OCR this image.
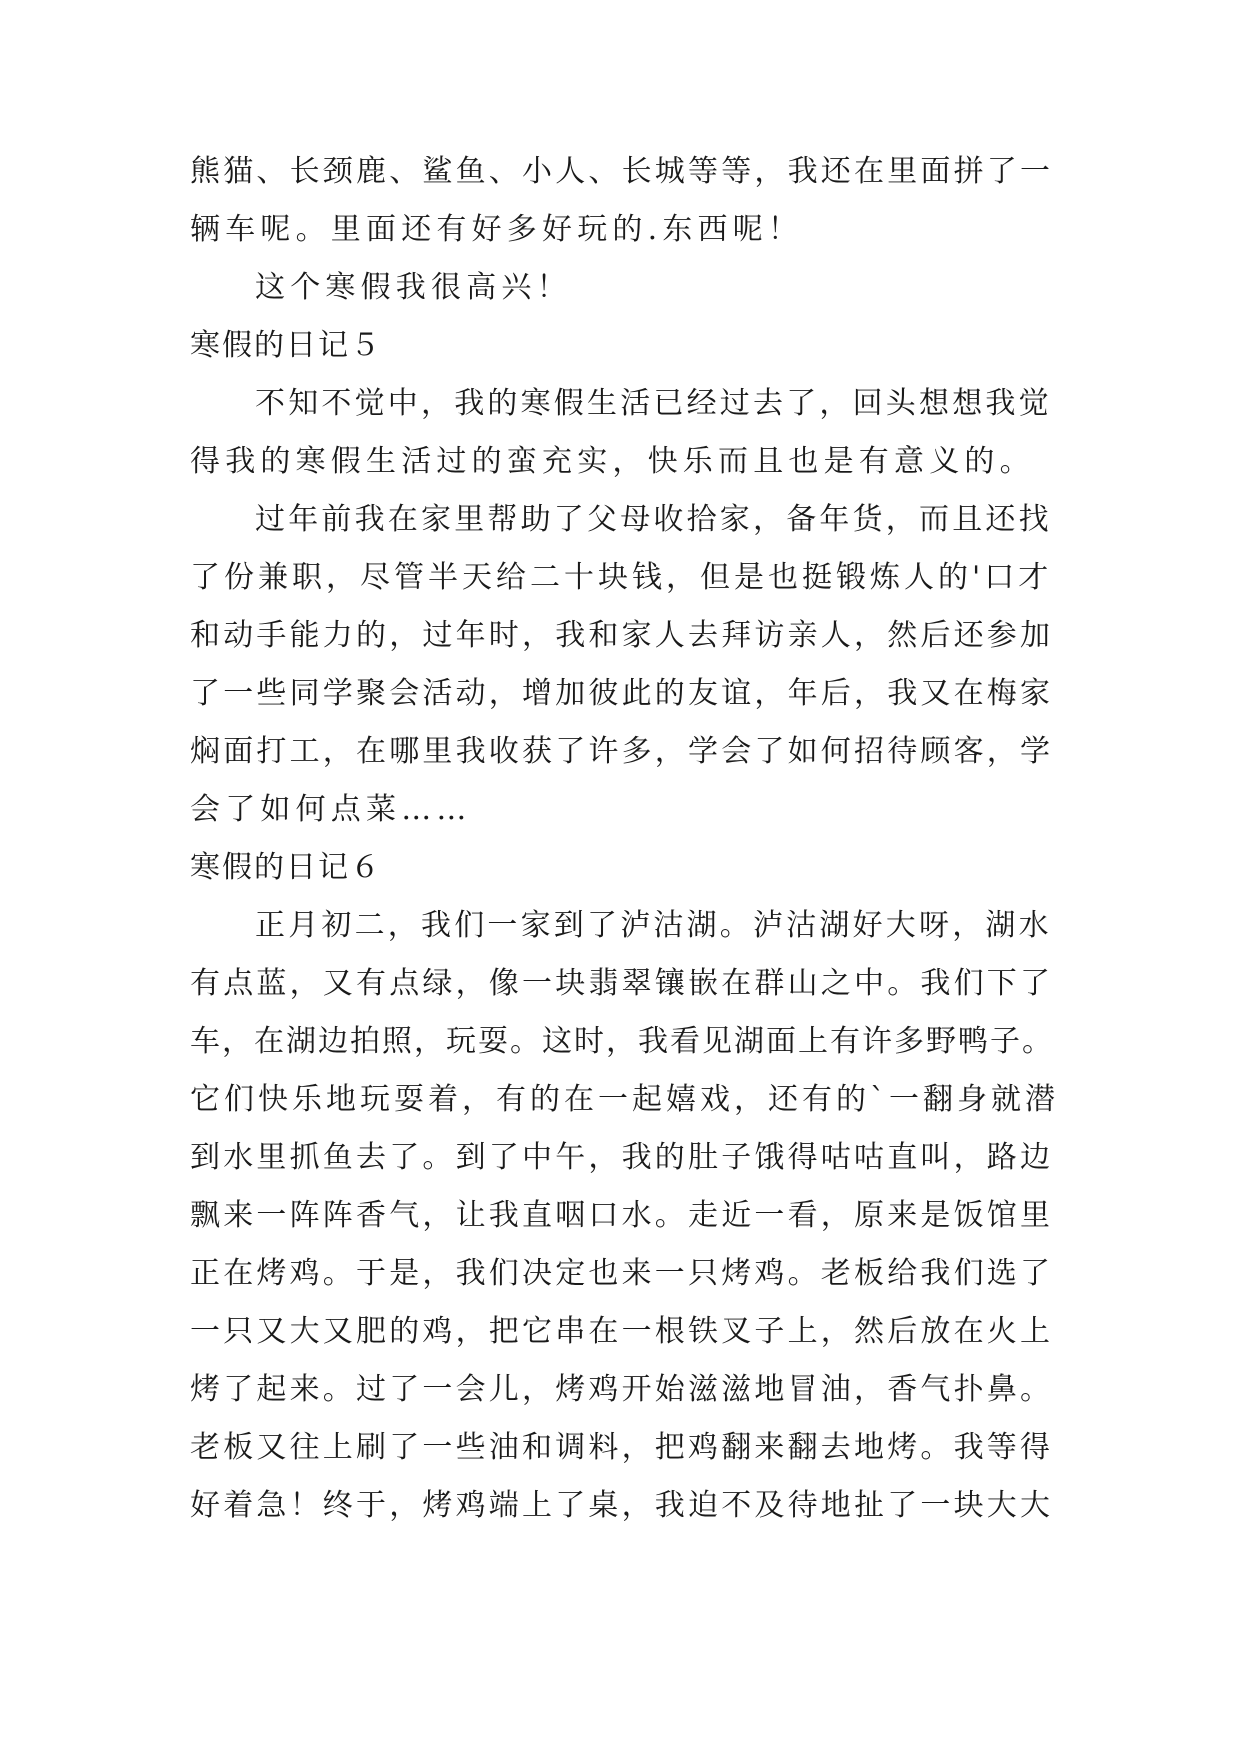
熊猫、长颈鹿、鲨鱼、小人、长城等等，我还在里面拼了一
辆车呢。里面还有好多好玩的.东西呢！
这个寒假我很高兴！
寒假的日记５
不知不觉中，我的寒假生活已经过去了，回头想想我觉
得我的寒假生活过的蛮充实，快乐而且也是有意义的。
过年前我在家里帮助了父母收拾家，备年货，而且还找
了份兼职，尽管半天给二十块钱，但是也挺锻炼人的'口才
和动手能力的，过年时，我和家人去拜访亲人，然后还参加
了一些同学聚会活动，增加彼此的友谊，年后，我又在梅家
焖面打工，在哪里我收获了许多，学会了如何招待顾客，学
会了如何点菜……
寒假的日记６
正月初二，我们一家到了泸沽湖。泸沽湖好大呀，湖水
有点蓝，又有点绿，像一块翡翠镶嵌在群山之中。我们下了
车，在湖边拍照，玩耍。这时，我看见湖面上有许多野鸭子。
它们快乐地玩耍着，有的在一起嬉戏，还有的`一翻身就潜
到水里抓鱼去了。到了中午，我的肚子饿得咕咕直叫，路边
飘来一阵阵香气，让我直咽口水。走近一看，原来是饭馆里
正在烤鸡。于是，我们决定也来一只烤鸡。老板给我们选了
一只又大又肥的鸡，把它串在一根铁叉子上，然后放在火上
烤了起来。过了一会儿，烤鸡开始滋滋地冒油，香气扑鼻。
老板又往上刷了一些油和调料，把鸡翻来翻去地烤。我等得
好着急！终于，烤鸡端上了桌，我迫不及待地扯了一块大大
